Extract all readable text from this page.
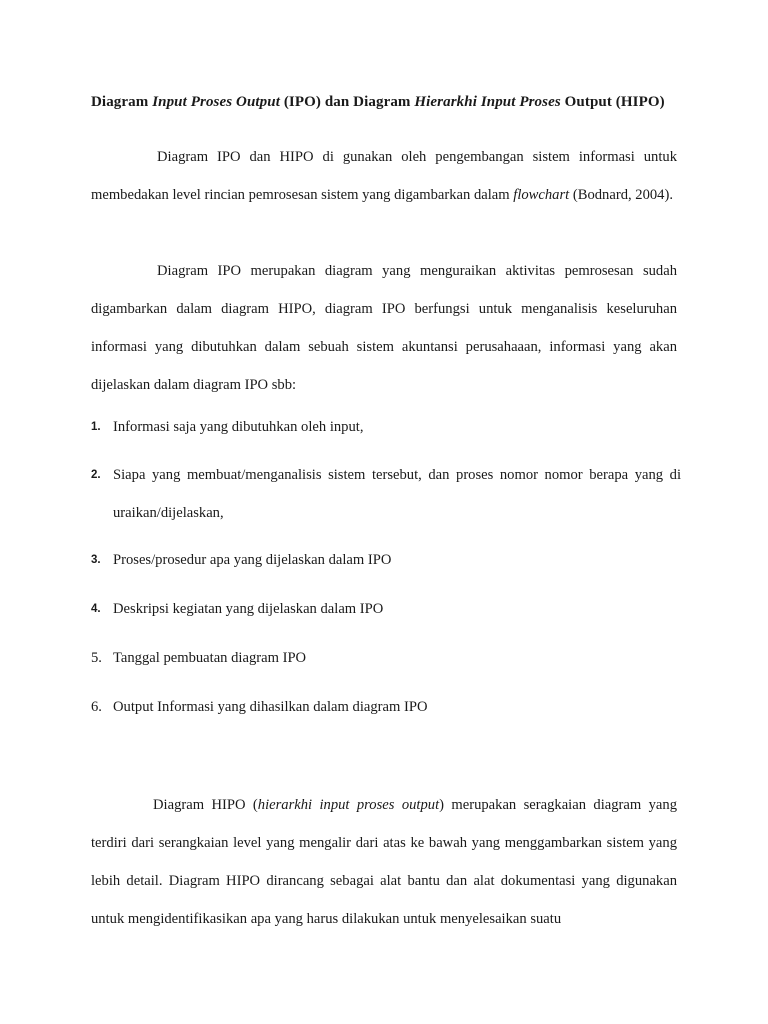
Diagram Input Proses Output (IPO) dan Diagram Hierarkhi Input Proses Output (HIPO)

Diagram IPO dan HIPO di gunakan oleh pengembangan sistem informasi untuk membedakan level rincian pemrosesan sistem yang digambarkan dalam flowchart (Bodnard, 2004).

Diagram IPO merupakan diagram yang menguraikan aktivitas pemrosesan sudah digambarkan dalam diagram HIPO, diagram IPO berfungsi untuk menganalisis keseluruhan informasi yang dibutuhkan dalam sebuah sistem akuntansi perusahaaan, informasi yang akan dijelaskan dalam diagram IPO sbb:

1. Informasi saja yang dibutuhkan oleh input,
2. Siapa yang membuat/menganalisis sistem tersebut, dan proses nomor nomor berapa yang di uraikan/dijelaskan,
3. Proses/prosedur apa yang dijelaskan dalam IPO
4. Deskripsi kegiatan yang dijelaskan dalam IPO
5. Tanggal pembuatan diagram IPO
6. Output Informasi yang dihasilkan dalam diagram IPO

Diagram HIPO (hierarkhi input proses output) merupakan seragkaian diagram yang terdiri dari serangkaian level yang mengalir dari atas ke bawah yang menggambarkan sistem yang lebih detail. Diagram HIPO dirancang sebagai alat bantu dan alat dokumentasi yang digunakan untuk mengidentifikasikan apa yang harus dilakukan untuk menyelesaikan suatu
